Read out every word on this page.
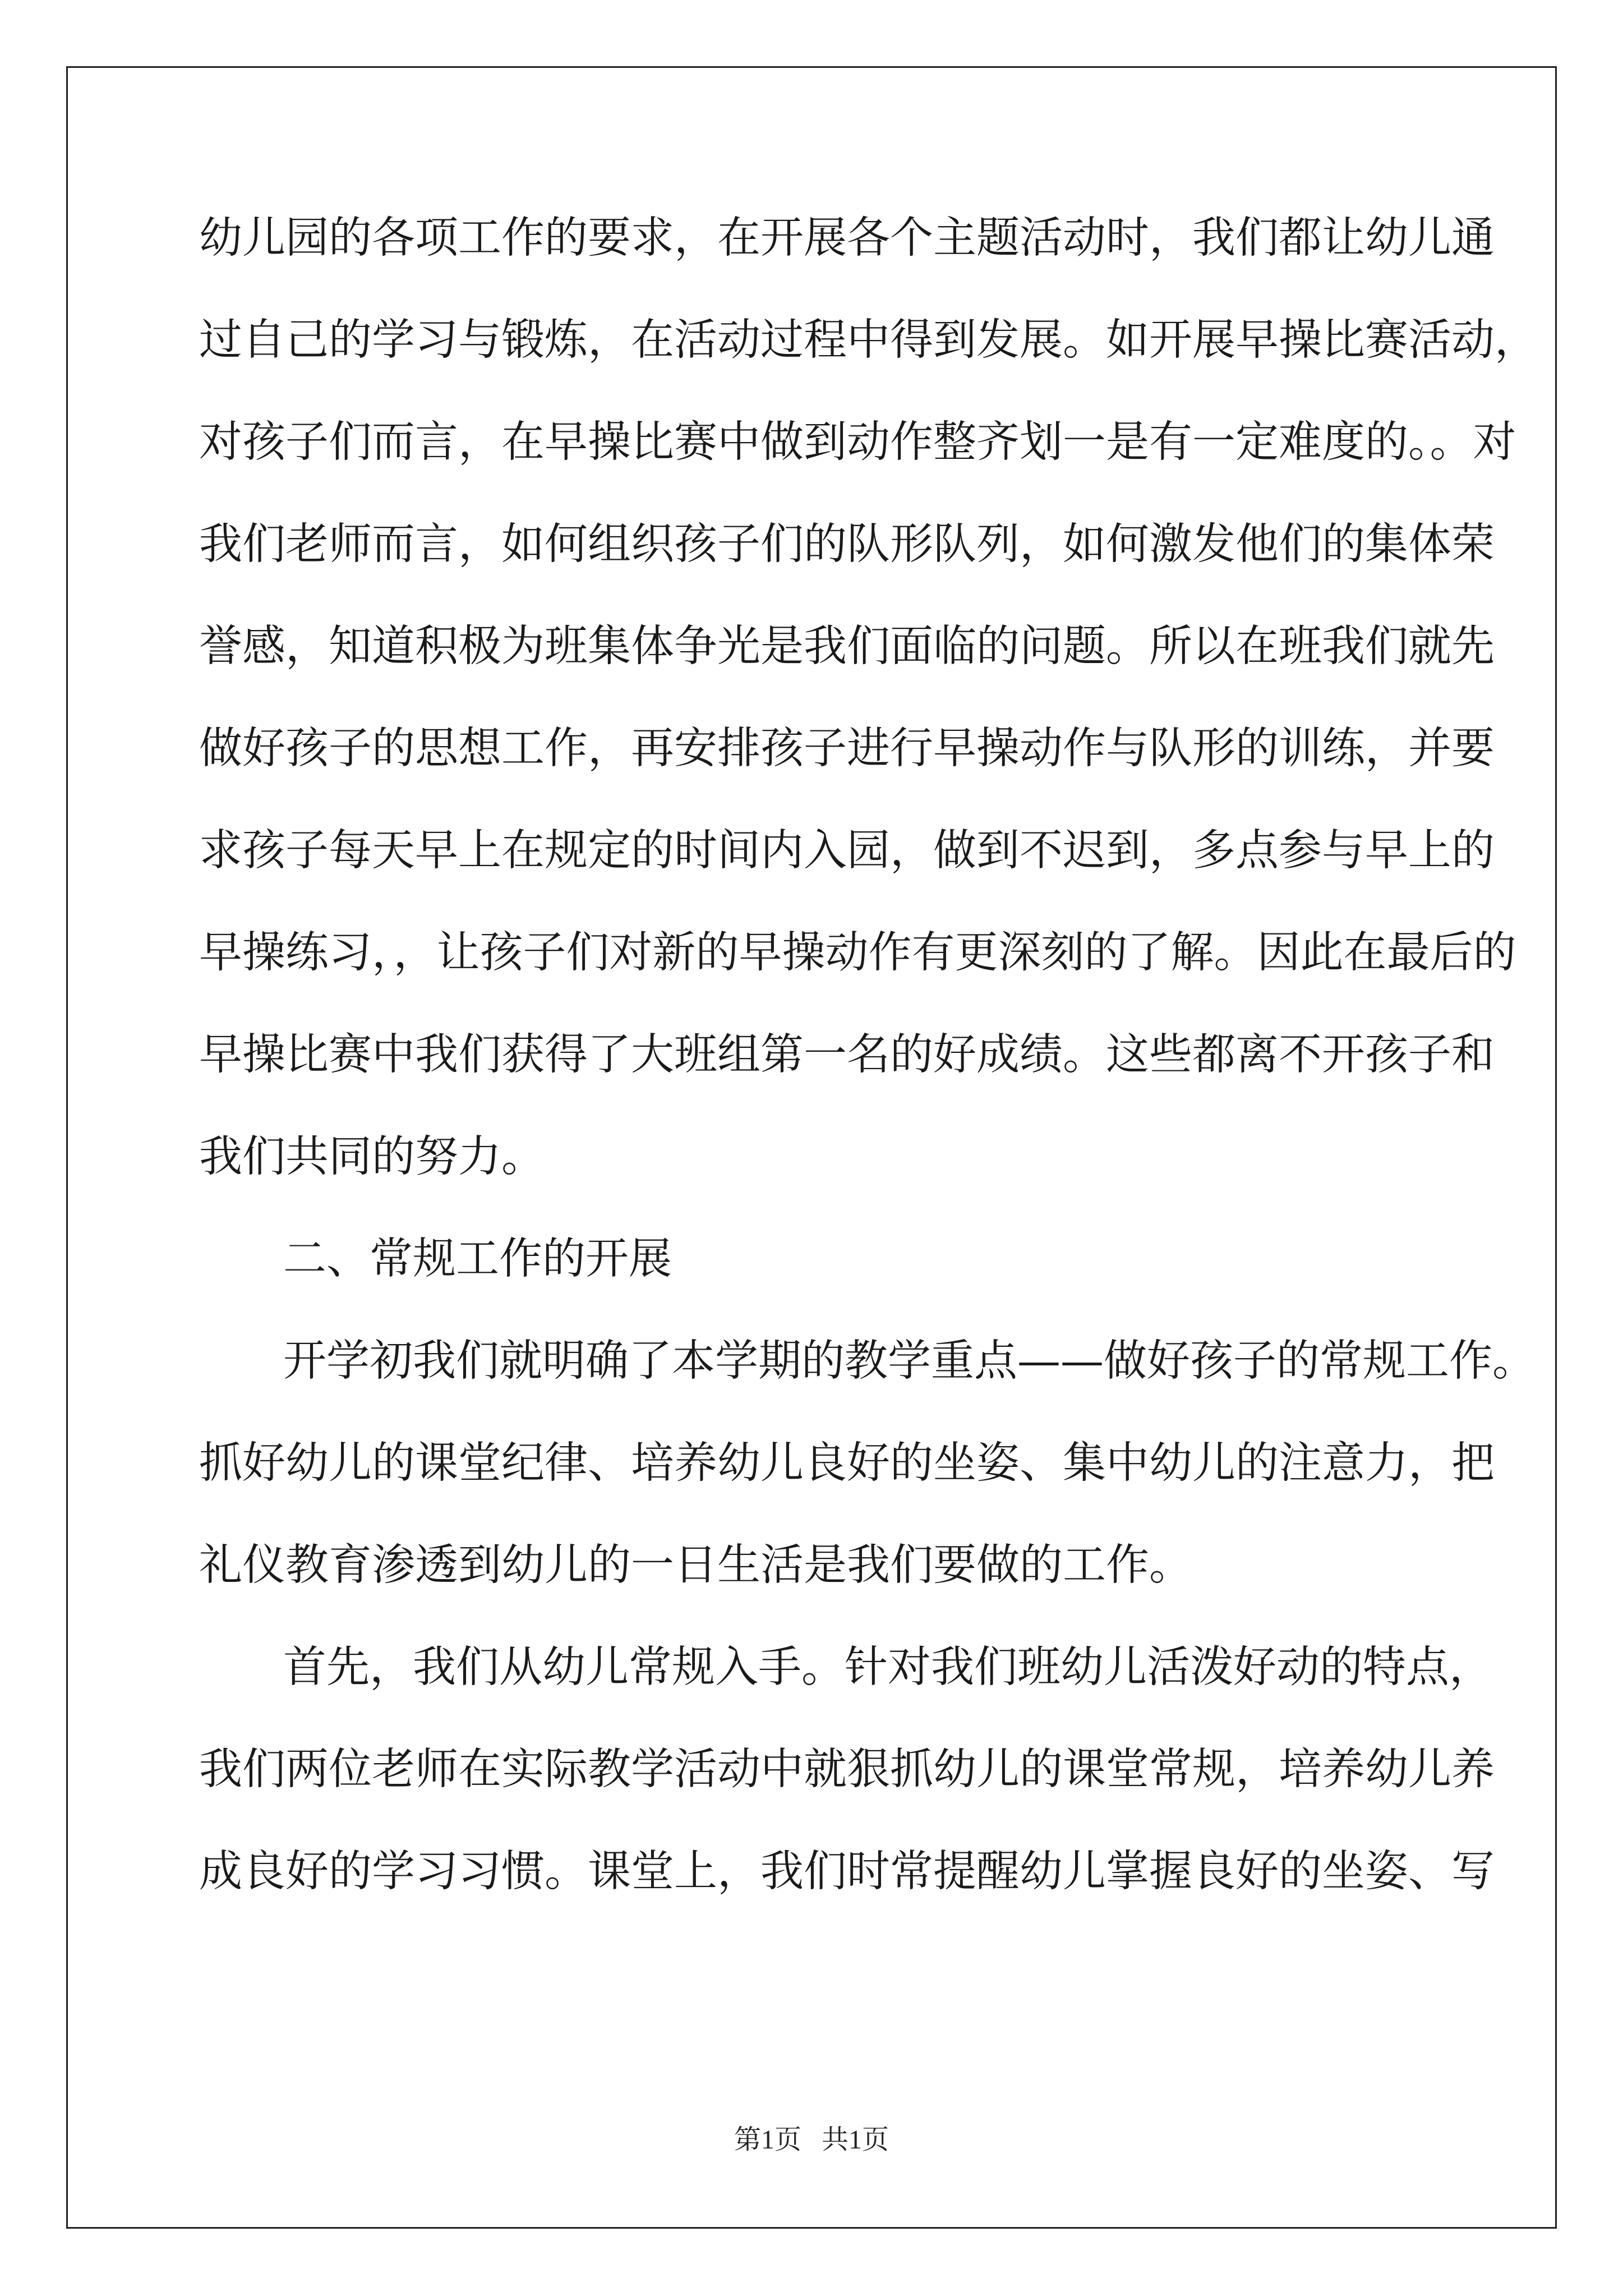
幼儿园的各项工作的要求，在开展各个主题活动时，我们都让幼儿通
过自己的学习与锻炼，在活动过程中得到发展。如开展早操比赛活动，
对孩子们而言，在早操比赛中做到动作整齐划一是有一定难度的。。对
我们老师而言，如何组织孩子们的队形队列，如何激发他们的集体荣
誉感，知道积极为班集体争光是我们面临的问题。所以在班我们就先
做好孩子的思想工作，再安排孩子进行早操动作与队形的训练，并要
求孩子每天早上在规定的时间内入园，做到不迟到，多点参与早上的
早操练习，，让孩子们对新的早操动作有更深刻的了解。因此在最后的
早操比赛中我们获得了大班组第一名的好成绩。这些都离不开孩子和
我们共同的努力。
二、常规工作的开展
开学初我们就明确了本学期的教学重点——做好孩子的常规工作。
抓好幼儿的课堂纪律、培养幼儿良好的坐姿、集中幼儿的注意力，把
礼仪教育渗透到幼儿的一日生活是我们要做的工作。
首先，我们从幼儿常规入手。针对我们班幼儿活泼好动的特点，
我们两位老师在实际教学活动中就狠抓幼儿的课堂常规，培养幼儿养
成良好的学习习惯。课堂上，我们时常提醒幼儿掌握良好的坐姿、写
第1页   共1页
